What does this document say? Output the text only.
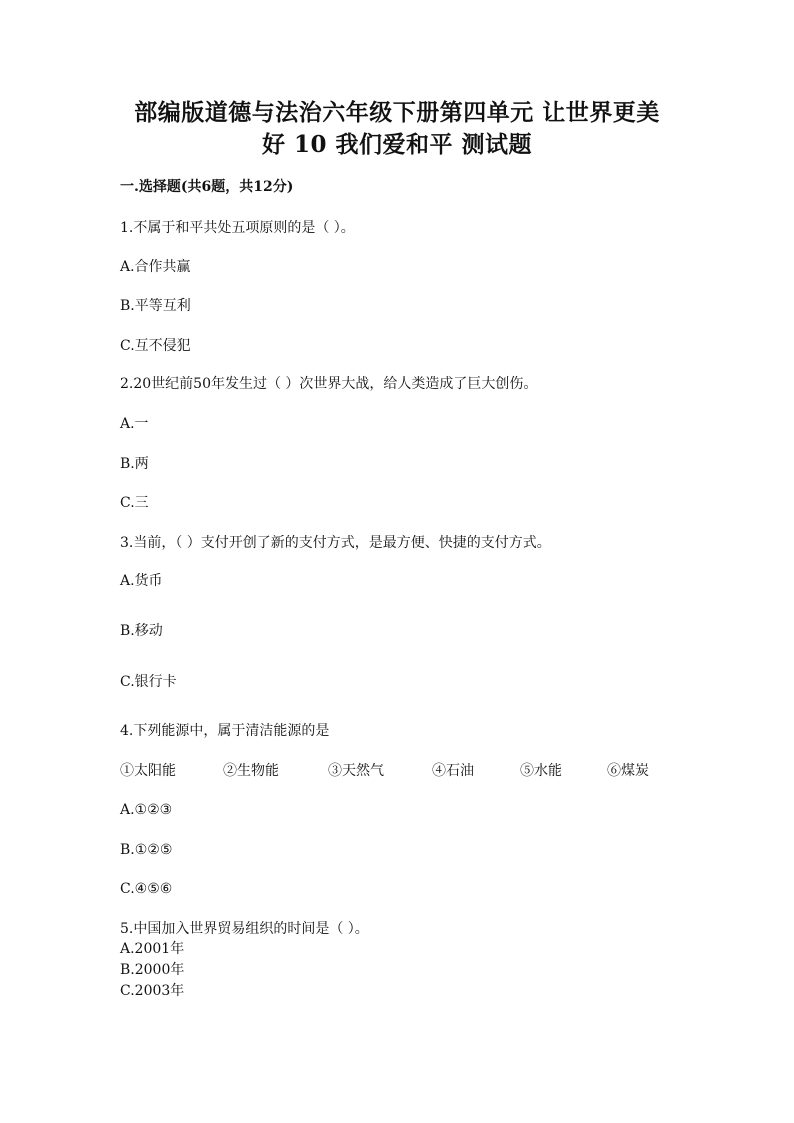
部编版道德与法治六年级下册第四单元 让世界更美
好 10 我们爱和平 测试题
一.选择题(共6题，共12分)
1.不属于和平共处五项原则的是（ ）。
A.合作共赢
B.平等互利
C.互不侵犯
2.20世纪前50年发生过（ ）次世界大战，给人类造成了巨大创伤。
A.一
B.两
C.三
3.当前，（ ）支付开创了新的支付方式，是最方便、快捷的支付方式。
A.货币
B.移动
C.银行卡
4.下列能源中，属于清洁能源的是
①太阳能	②生物能	③天然气	④石油	⑤水能	⑥煤炭
A.①②③
B.①②⑤
C.④⑤⑥
5.中国加入世界贸易组织的时间是（ ）。
A.2001年
B.2000年
C.2003年
